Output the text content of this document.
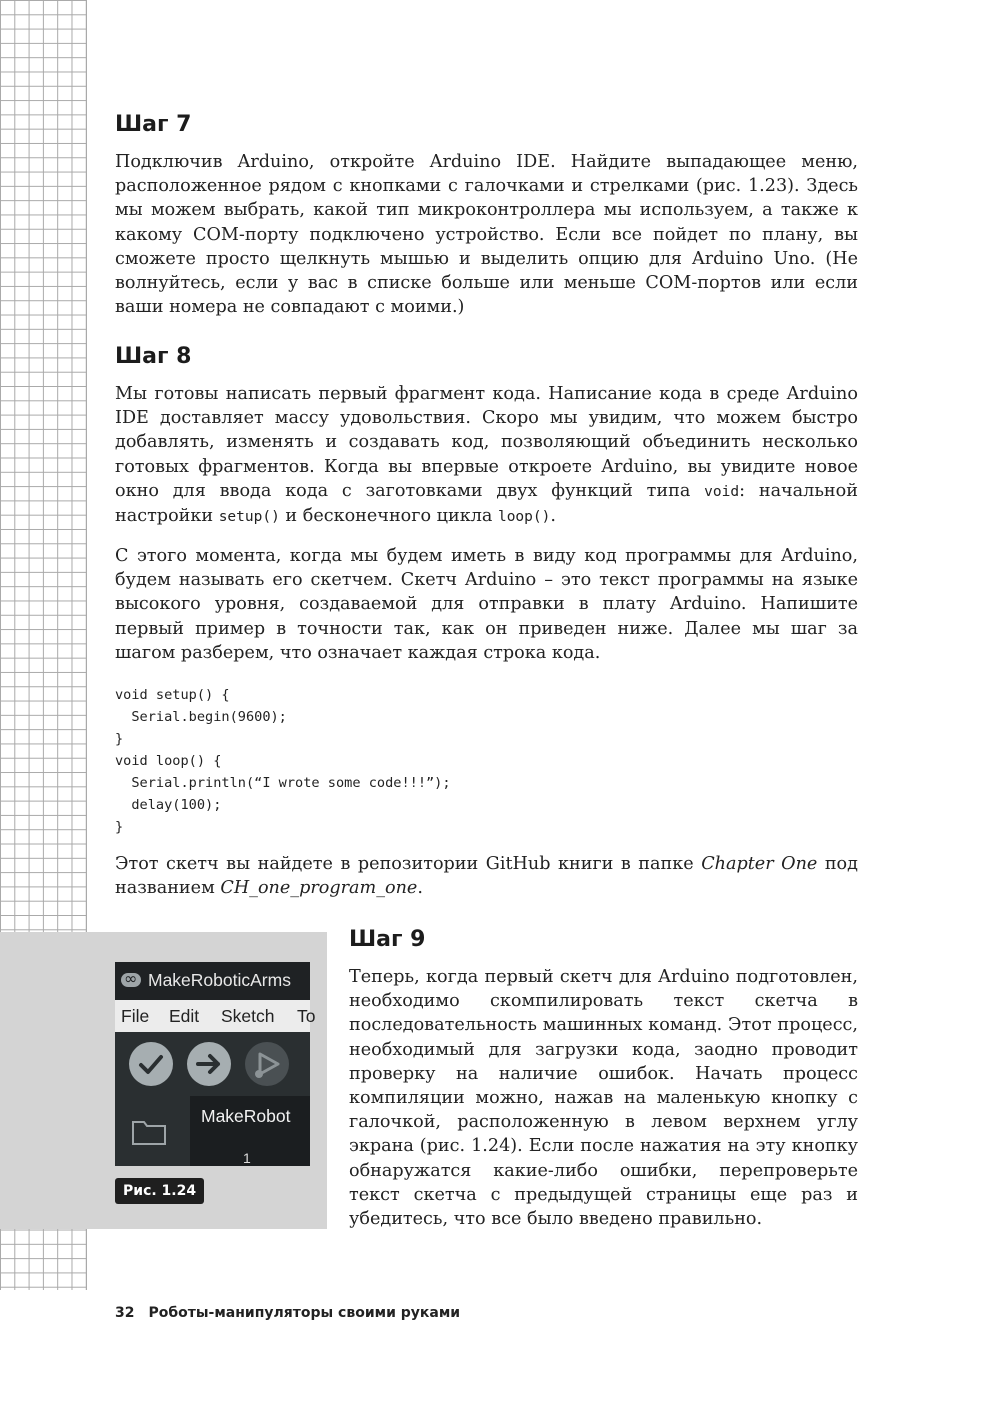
Шаг 7

Подключив Arduino, откройте Arduino IDE. Найдите выпадающее меню, расположенное рядом с кнопками с галочками и стрелками (рис. 1.23). Здесь мы можем выбрать, какой тип микроконтроллера мы используем, а также к какому COM-порту подключено устройство. Если все пойдет по плану, вы сможете просто щелкнуть мышью и выделить опцию для Arduino Uno. (Не волнуйтесь, если у вас в списке больше или меньше COM-портов или если ваши номера не совпадают с моими.)

Шаг 8

Мы готовы написать первый фрагмент кода. Написание кода в среде Arduino IDE доставляет массу удовольствия. Скоро мы увидим, что можем быстро добавлять, изменять и создавать код, позволяющий объединить несколько готовых фрагментов. Когда вы впервые откроете Arduino, вы увидите новое окно для ввода кода с заготовками двух функций типа void: начальной настройки setup() и бесконечного цикла loop().

С этого момента, когда мы будем иметь в виду код программы для Arduino, будем называть его скетчем. Скетч Arduino – это текст программы на языке высокого уровня, создаваемой для отправки в плату Arduino. Напишите первый пример в точности так, как он приведен ниже. Далее мы шаг за шагом разберем, что означает каждая строка кода.

void setup() {
Serial.begin(9600);
}
void loop() {
Serial.println(“I wrote some code!!!”);
delay(100);
}

Этот скетч вы найдете в репозитории GitHub книги в папке Chapter One под названием CH_one_program_one.

Шаг 9

Теперь, когда первый скетч для Arduino подготовлен, необходимо скомпилировать текст скетча в последовательность машинных команд. Этот процесс, необходимый для загрузки кода, заодно проводит проверку на наличие ошибок. Начать процесс компиляции можно, нажав на маленькую кнопку с галочкой, расположенную в левом верхнем углу экрана (рис. 1.24). Если после нажатия на эту кнопку обнаружатся какие-либо ошибки, перепроверьте текст скетча с предыдущей страницы еще раз и убедитесь, что все было введено правильно.

∞
MakeRoboticArms
File Edit Sketch To
MakeRobot
1
Рис. 1.24
32 Роботы-манипуляторы своими руками
